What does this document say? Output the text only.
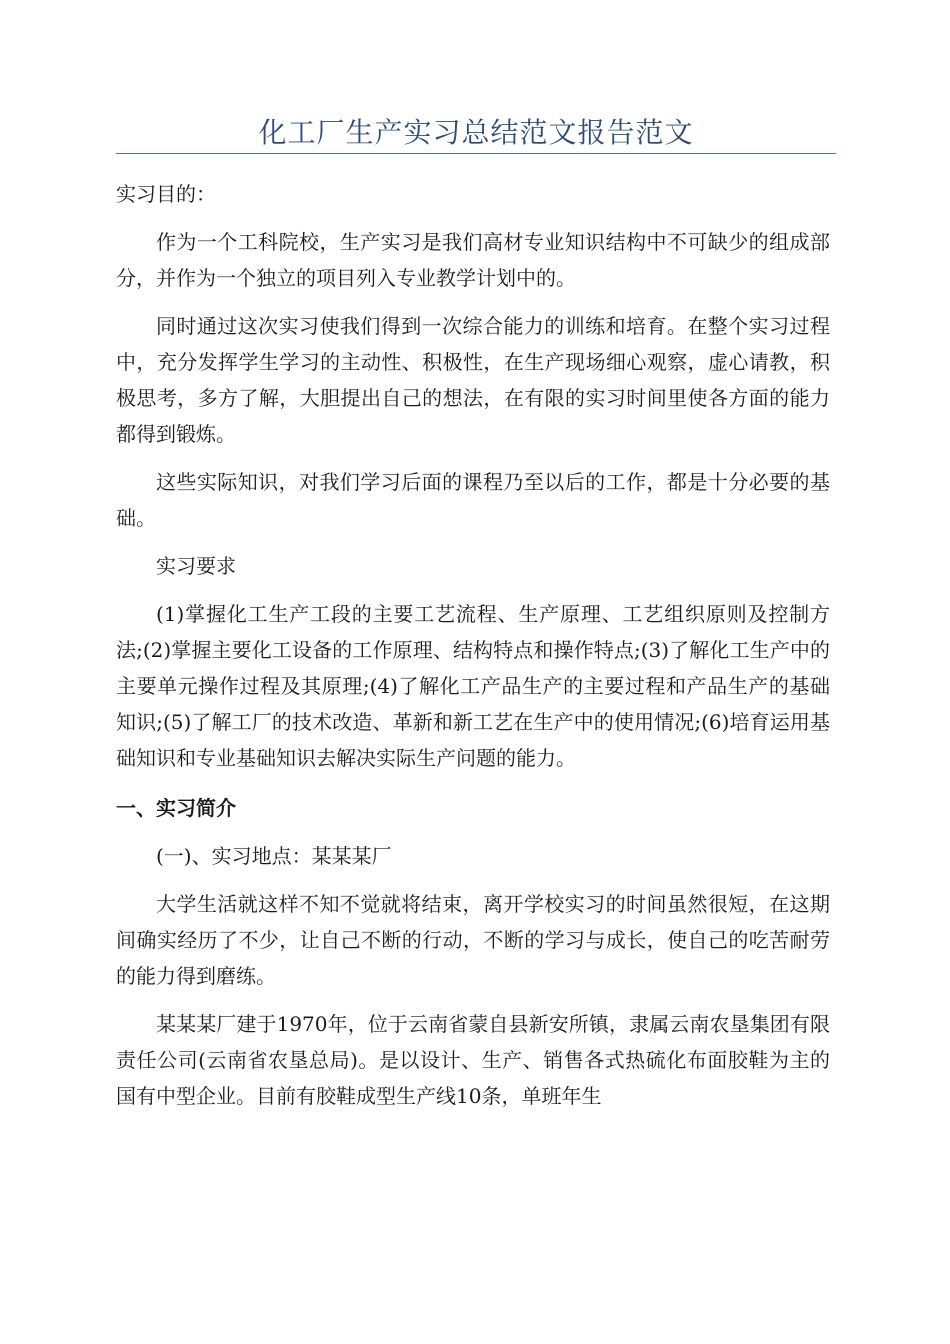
化工厂生产实习总结范文报告范文

实习目的：

作为一个工科院校，生产实习是我们高材专业知识结构中不可缺少的组成部分，并作为一个独立的项目列入专业教学计划中的。

同时通过这次实习使我们得到一次综合能力的训练和培育。在整个实习过程中，充分发挥学生学习的主动性、积极性，在生产现场细心观察，虚心请教，积极思考，多方了解，大胆提出自己的想法，在有限的实习时间里使各方面的能力都得到锻炼。

这些实际知识，对我们学习后面的课程乃至以后的工作，都是十分必要的基础。

实习要求

(1)掌握化工生产工段的主要工艺流程、生产原理、工艺组织原则及控制方法;(2)掌握主要化工设备的工作原理、结构特点和操作特点;(3)了解化工生产中的主要单元操作过程及其原理;(4)了解化工产品生产的主要过程和产品生产的基础知识;(5)了解工厂的技术改造、革新和新工艺在生产中的使用情况;(6)培育运用基础知识和专业基础知识去解决实际生产问题的能力。

一、实习简介

(一)、实习地点：某某某厂

大学生活就这样不知不觉就将结束，离开学校实习的时间虽然很短，在这期间确实经历了不少，让自己不断的行动，不断的学习与成长，使自己的吃苦耐劳的能力得到磨练。

某某某厂建于1970年，位于云南省蒙自县新安所镇，隶属云南农垦集团有限责任公司(云南省农垦总局)。是以设计、生产、销售各式热硫化布面胶鞋为主的国有中型企业。目前有胶鞋成型生产线10条，单班年生
